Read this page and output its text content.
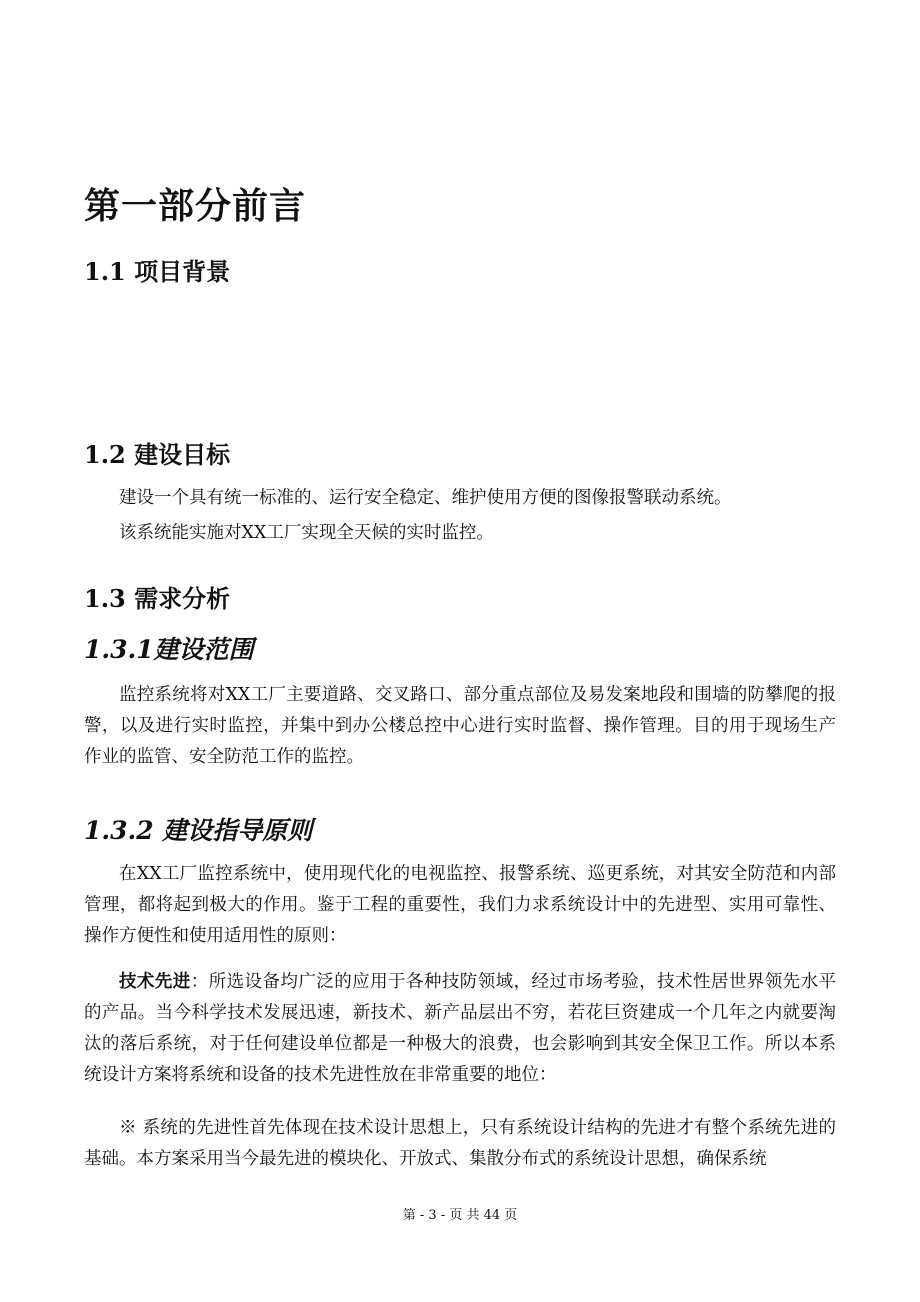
第一部分前言
1.1 项目背景
1.2 建设目标

建设一个具有统一标准的、运行安全稳定、维护使用方便的图像报警联动系统。

该系统能实施对XX工厂实现全天候的实时监控。

1.3 需求分析
1.3.1建设范围

监控系统将对XX工厂主要道路、交叉路口、部分重点部位及易发案地段和围墙的防攀爬的报警，以及进行实时监控，并集中到办公楼总控中心进行实时监督、操作管理。目的用于现场生产作业的监管、安全防范工作的监控。

1.3.2 建设指导原则

在XX工厂监控系统中，使用现代化的电视监控、报警系统、巡更系统，对其安全防范和内部管理，都将起到极大的作用。鉴于工程的重要性，我们力求系统设计中的先进型、实用可靠性、操作方便性和使用适用性的原则：

技术先进：所选设备均广泛的应用于各种技防领域，经过市场考验，技术性居世界领先水平的产品。当今科学技术发展迅速，新技术、新产品层出不穷，若花巨资建成一个几年之内就要淘汰的落后系统，对于任何建设单位都是一种极大的浪费，也会影响到其安全保卫工作。所以本系统设计方案将系统和设备的技术先进性放在非常重要的地位：

※ 系统的先进性首先体现在技术设计思想上，只有系统设计结构的先进才有整个系统先进的基础。本方案采用当今最先进的模块化、开放式、集散分布式的系统设计思想，确保系统

第 - 3 - 页 共 44 页
